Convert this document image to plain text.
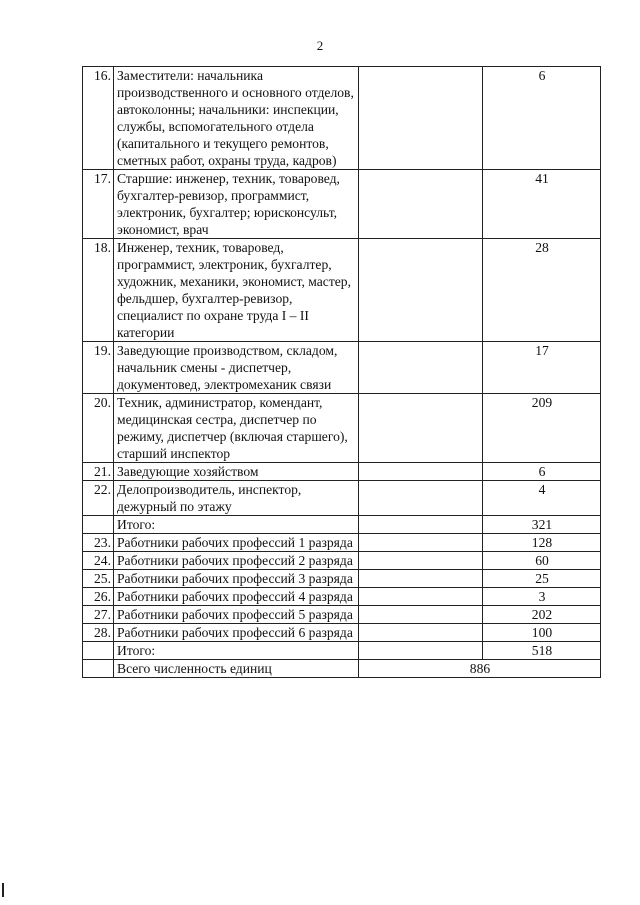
2
16.	Заместители: начальника производственного и основного отделов, автоколонны; начальники: инспекции, службы, вспомогательного отдела (капитального и текущего ремонтов, сметных работ, охраны труда, кадров)		6
17.	Старшие: инженер, техник, товаровед, бухгалтер-ревизор, программист, электроник, бухгалтер; юрисконсульт, экономист, врач		41
18.	Инженер, техник, товаровед, программист, электроник, бухгалтер, художник, механики, экономист, мастер, фельдшер, бухгалтер-ревизор, специалист по охране труда I – II категории		28
19.	Заведующие производством, складом, начальник смены - диспетчер, документовед, электромеханик связи		17
20.	Техник, администратор, комендант, медицинская сестра, диспетчер по режиму, диспетчер (включая старшего), старший инспектор		209
21.	Заведующие хозяйством		6
22.	Делопроизводитель, инспектор, дежурный по этажу		4
	Итого:		321
23.	Работники рабочих профессий 1 разряда		128
24.	Работники рабочих профессий 2 разряда		60
25.	Работники рабочих профессий 3 разряда		25
26.	Работники рабочих профессий 4 разряда		3
27.	Работники рабочих профессий 5 разряда		202
28.	Работники рабочих профессий 6 разряда		100
	Итого:		518
	Всего численность единиц	886	
